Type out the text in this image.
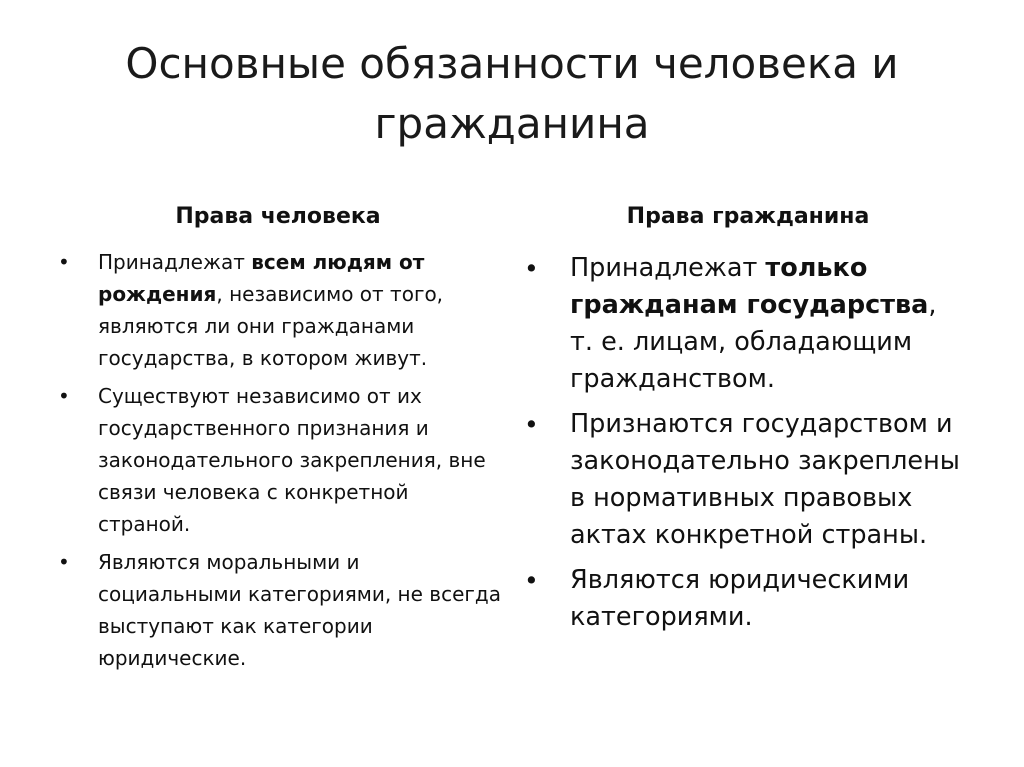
Основные обязанности человека и гражданина
Права человека	Права гражданина
• Принадлежат всем людям от рождения, независимо от того, являются ли они гражданами государства, в котором живут.
• Существуют независимо от их государственного признания и законодательного закрепления, вне связи человека с конкретной страной.
• Являются моральными и социальными категориями, не всегда выступают как категории юридические.
• Принадлежат только гражданам государства, т. е. лицам, обладающим гражданством.
• Признаются государством и законодательно закреплены в нормативных правовых актах конкретной страны.
• Являются юридическими категориями.
